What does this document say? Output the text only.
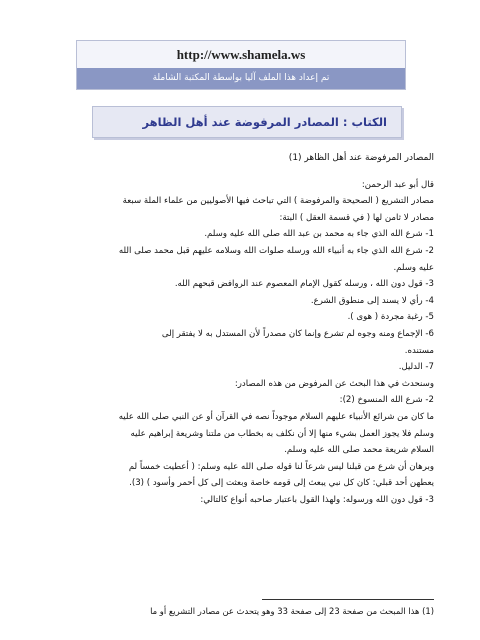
http://www.shamela.ws
تم إعداد هذا الملف آليا بواسطة المكتبة الشاملة
الكتاب : المصادر المرفوضة عند أهل الظاهر

المصادر المرفوضة عند أهل الظاهر (1)

قال أبو عبد الرحمن:

مصادر التشريع ( الصحيحة والمرفوضة ) التي تباحث فيها الأصوليين من علماء الملة سبعة

مصادر لا ثامن لها ( في قسمة العقل ) البتة:

1- شرع الله الذي جاء به محمد بن عبد الله صلى الله عليه وسلم.

2- شرع الله الذي جاء به أنبياء الله ورسله صلوات الله وسلامه عليهم قبل محمد صلى الله

عليه وسلم.

3- قول دون الله ، ورسله كقول الإمام المعصوم عند الروافض قبحهم الله.

4- رأي لا يسند إلى منطوق الشرع.

5- رغبة مجردة ( هوى ).

6- الإجماع ومنه وجوه لم تشرع وإنما كان مصدراً لأن المستدل به لا يفتقر إلى

مستنده.

7- الدليل.

وسنحدث في هذا البحث عن المرفوض من هذه المصادر:

2- شرع الله المنسوخ (2):

ما كان من شرائع الأنبياء عليهم السلام موجوداً نصه في القرآن أو عن النبي صلى الله عليه

وسلم فلا يجوز العمل بشيء منها إلا أن نكلف به بخطاب من ملتنا وشريعة إبراهيم عليه

السلام شريعة محمد صلى الله عليه وسلم.

وبرهان أن شرع من قبلنا ليس شرعاً لنا قوله صلى الله عليه وسلم: ( أعطيت خمساً لم

يعطهن أحد قبلي: كان كل نبي يبعث إلى قومه خاصة وبعثت إلى كل أحمر وأسود ) (3).

3- قول دون الله ورسوله: ولهذا القول باعتبار صاحبه أنواع كالتالي:

(1) هذا المبحث من صفحة 23 إلى صفحة 33 وهو يتحدث عن مصادر التشريع أو ما
